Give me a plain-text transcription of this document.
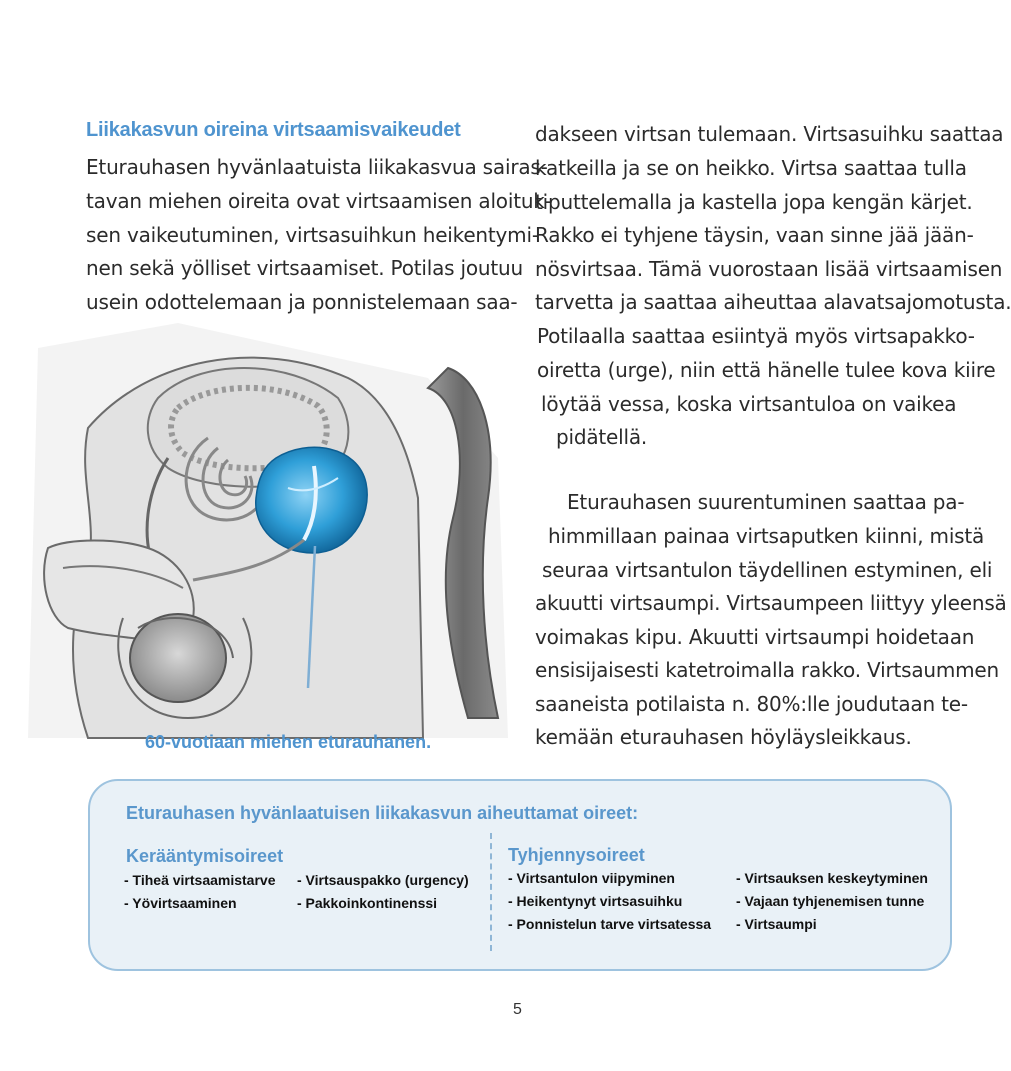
Liikakasvun oireina virtsaamisvaikeudet
Eturauhasen hyvänlaatuista liikakasvua sairas-
tavan miehen oireita ovat virtsaamisen aloituk-
sen vaikeutuminen, virtsasuihkun heikentymi-
nen sekä yölliset virtsaamiset. Potilas joutuu
usein odottelemaan ja ponnistelemaan saa-
dakseen virtsan tulemaan. Virtsasuihku saattaa
katkeilla ja se on heikko. Virtsa saattaa tulla
tiputtelemalla ja kastella jopa kengän kärjet.
Rakko ei tyhjene täysin, vaan sinne jää jään-
nösvirtsaa. Tämä vuorostaan lisää virtsaamisen
tarvetta ja saattaa aiheuttaa alavatsajomotusta.
Potilaalla saattaa esiintyä myös virtsapakko-
oiretta (urge), niin että hänelle tulee kova kiire
löytää vessa, koska virtsantuloa on vaikea
pidätellä.
Eturauhasen suurentuminen saattaa pa-
himmillaan painaa virtsaputken kiinni, mistä
seuraa virtsantulon täydellinen estyminen, eli
akuutti virtsaumpi. Virtsaumpeen liittyy yleensä
voimakas kipu. Akuutti virtsaumpi hoidetaan
ensisijaisesti katetroimalla rakko. Virtsaummen
saaneista potilaista n. 80%:lle joudutaan te-
kemään eturauhasen höyläysleikkaus.
60-vuotiaan miehen eturauhanen.
Eturauhasen hyvänlaatuisen liikakasvun aiheuttamat oireet:
Kerääntymisoireet	Tyhjennysoireet
- Tiheä virtsaamistarve
- Yövirtsaaminen
- Virtsauspakko (urgency)
- Pakkoinkontinenssi
- Virtsantulon viipyminen
- Heikentynyt virtsasuihku
- Ponnistelun tarve virtsatessa
- Virtsauksen keskeytyminen
- Vajaan tyhjenemisen tunne
- Virtsaumpi
5
